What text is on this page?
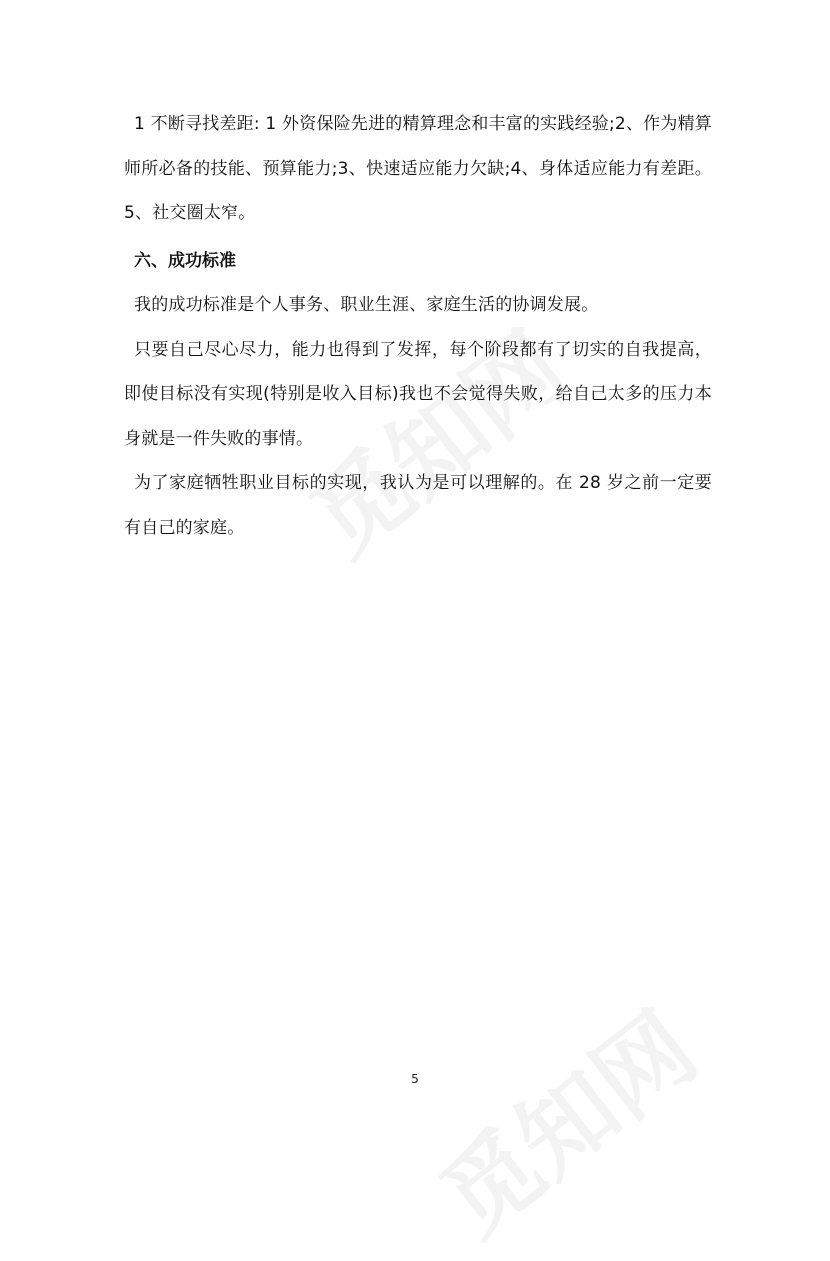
1 不断寻找差距: 1 外资保险先进的精算理念和丰富的实践经验;2、作为精算师所必备的技能、预算能力;3、快速适应能力欠缺;4、身体适应能力有差距。5、社交圈太窄。

六、成功标准

我的成功标准是个人事务、职业生涯、家庭生活的协调发展。

只要自己尽心尽力，能力也得到了发挥，每个阶段都有了切实的自我提高，即使目标没有实现(特别是收入目标)我也不会觉得失败，给自己太多的压力本身就是一件失败的事情。

为了家庭牺牲职业目标的实现，我认为是可以理解的。在 28 岁之前一定要有自己的家庭。

5
